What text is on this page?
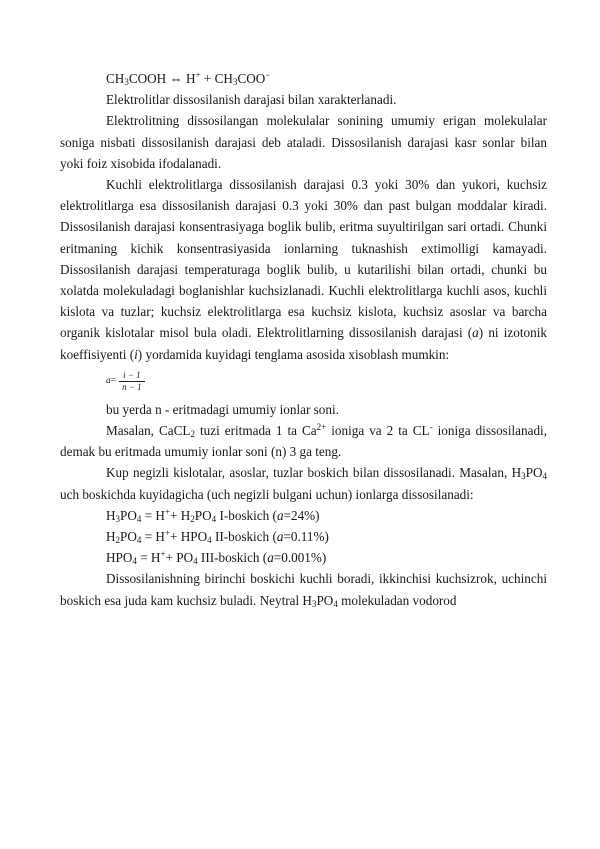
$CH_3COOH$ ⇔ $H^+ + CH_3COO^-$
Elektrolitlar dissosilanish darajasi bilan xarakterlanadi.
Elektrolitning dissosilangan molekulalar sonining umumiy erigan molekulalar soniga nisbati dissosilanish darajasi deb ataladi. Dissosilanish darajasi kasr sonlar bilan yoki foiz xisobida ifodalanadi.
Kuchli elektrolitlarga dissosilanish darajasi 0.3 yoki 30% dan yukori, kuchsiz elektrolitlarga esa dissosilanish darajasi 0.3 yoki 30% dan past bulgan moddalar kiradi. Dissosilanish darajasi konsentrasiyaga boglik bulib, eritma suyultirilgan sari ortadi. Chunki eritmaning kichik konsentrasiyasida ionlarning tuknashish extimolligi kamayadi. Dissosilanish darajasi temperaturaga boglik bulib, u kutarilishi bilan ortadi, chunki bu xolatda molekuladagi boglanishlar kuchsizlanadi. Kuchli elektrolitlarga kuchli asos, kuchli kislota va tuzlar; kuchsiz elektrolitlarga esa kuchsiz kislota, kuchsiz asoslar va barcha organik kislotalar misol bula oladi. Elektrolitlarning dissosilanish darajasi (a) ni izotonik koeffisiyenti (i) yordamida kuyidagi tenglama asosida xisoblash mumkin:
$a = \frac{i - 1}{n - 1}$
bu yerda n - eritmadagi umumiy ionlar soni.
Masalan, CaCL$_2$ tuzi eritmada 1 ta $Ca^{2+}$ ioniga va 2 ta CL- ioniga dissosilanadi, demak bu eritmada umumiy ionlar soni (n) 3 ga teng.
Kup negizli kislotalar, asoslar, tuzlar boskich bilan dissosilanadi. Masalan, $H_3PO_4$ uch boskichda kuyidagicha (uch negizli bulgani uchun) ionlarga dissosilanadi:
$H_3PO_4 = H^++ H_2PO_4$ I-boskich (a=24%)
$H_2PO_4 = H^++ HPO_4$ II-boskich (a=0.11%)
$HPO_4 = H^++ PO_4$ III-boskich (a=0.001%)
Dissosilanishning birinchi boskichi kuchli boradi, ikkinchisi kuchsizrok, uchinchi boskich esa juda kam kuchsiz buladi. Neytral $H_3PO_4$ molekuladan vodorod
